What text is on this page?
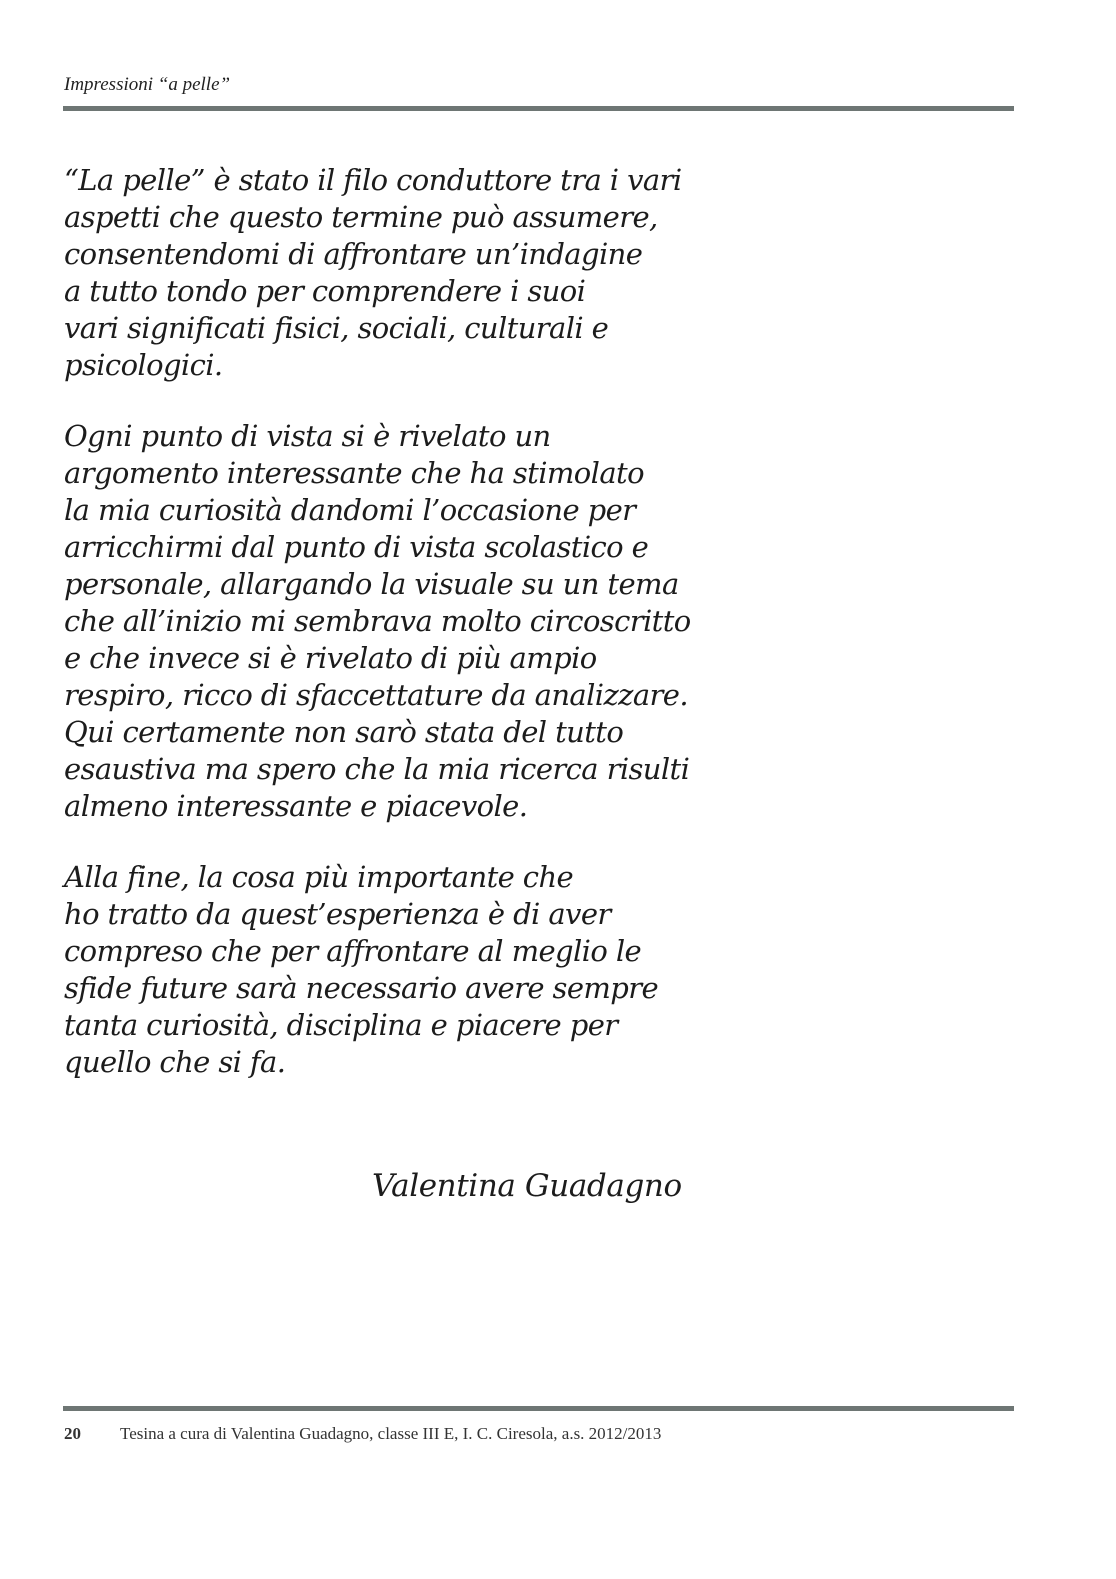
Impressioni “a pelle”
“La pelle” è stato il filo conduttore tra i vari
aspetti che questo termine può assumere,
consentendomi di affrontare un’indagine
a tutto tondo per comprendere i suoi
vari significati fisici, sociali, culturali e
psicologici.
Ogni punto di vista si è rivelato un
argomento interessante che ha stimolato
la mia curiosità dandomi l’occasione per
arricchirmi dal punto di vista scolastico e
personale, allargando la visuale su un tema
che all’inizio mi sembrava molto circoscritto
e che invece si è rivelato di più ampio
respiro, ricco di sfaccettature da analizzare.
Qui certamente non sarò stata del tutto
esaustiva ma spero che la mia ricerca risulti
almeno interessante e piacevole.
Alla fine, la cosa più importante che
ho tratto da quest’esperienza è di aver
compreso che per affrontare al meglio le
sfide future sarà necessario avere sempre
tanta curiosità, disciplina e piacere per
quello che si fa.
Valentina Guadagno
20 Tesina a cura di Valentina Guadagno, classe III E, I. C. Ciresola, a.s. 2012/2013
